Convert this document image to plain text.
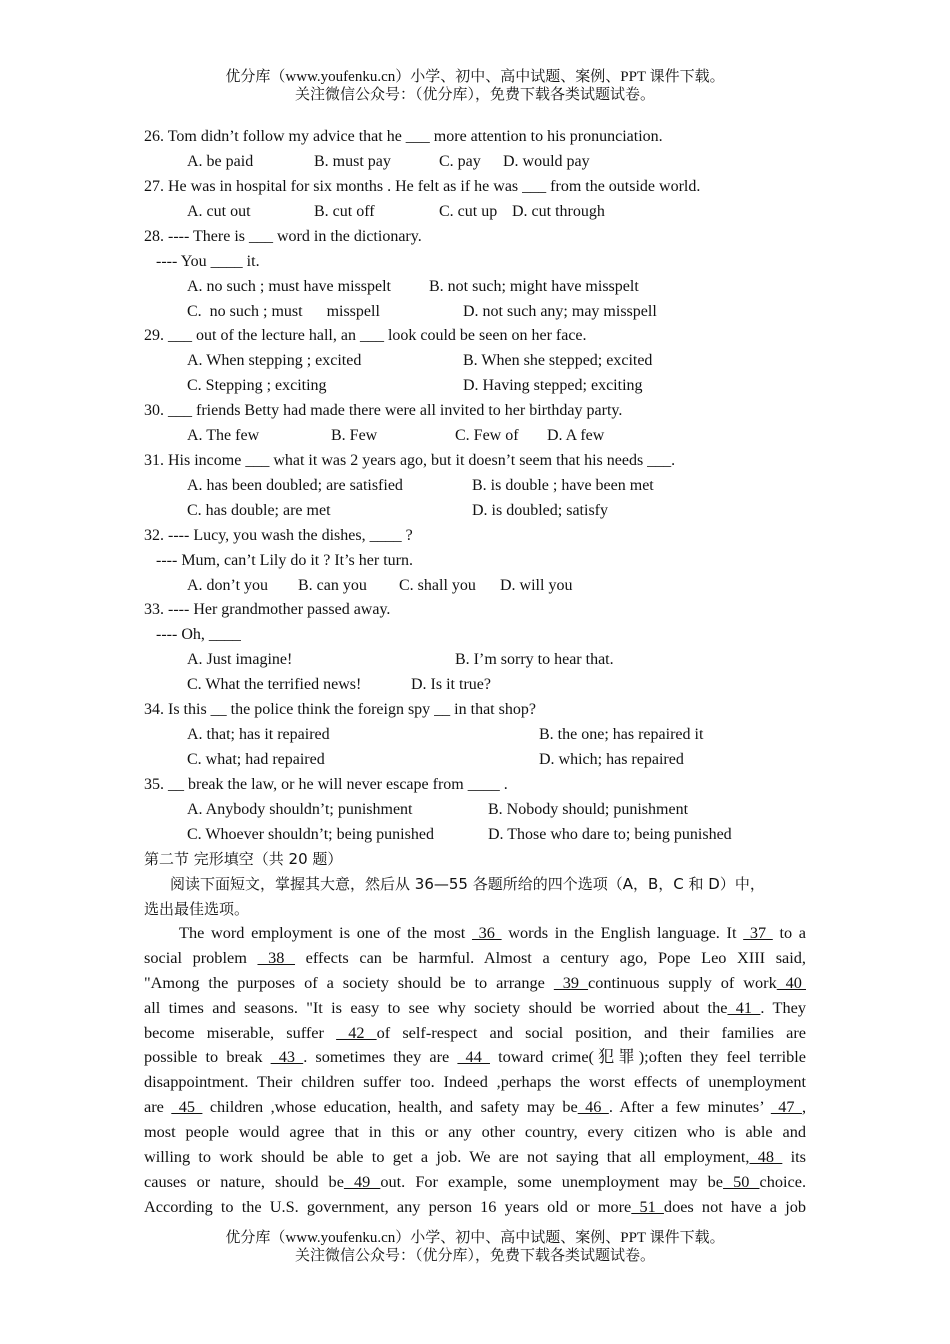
优分库（www.youfenku.cn）小学、初中、高中试题、案例、PPT 课件下载。
关注微信公众号：（优分库），免费下载各类试题试卷。
26. Tom didn’t follow my advice that he ___ more attention to his pronunciation.
A. be paid	B. must pay	C. pay D. would pay
27. He was in hospital for six months . He felt as if he was ___ from the outside world.
A. cut out	B. cut off	C. cut up D. cut through
28. ---- There is ___ word in the dictionary.
---- You ____ it.
A. no such ; must have misspelt B. not such; might have misspelt
C.  no such ; must      misspell	D. not such any; may misspell
29. ___ out of the lecture hall, an ___ look could be seen on her face.
A. When stepping ; excited	B. When she stepped; excited
C. Stepping ; exciting	D. Having stepped; exciting
30. ___ friends Betty had made there were all invited to her birthday party.
A. The few	B. Few	C. Few of D. A few
31. His income ___ what it was 2 years ago, but it doesn’t seem that his needs ___.
A. has been doubled; are satisfied	B. is double ; have been met
C. has double; are met	D. is doubled; satisfy
32. ---- Lucy, you wash the dishes, ____ ?
---- Mum, can’t Lily do it ? It’s her turn.
A. don’t you B. can you C. shall you D. will you
33. ---- Her grandmother passed away.
---- Oh, ____
A. Just imagine!	B. I’m sorry to hear that.
C. What the terrified news!	D. Is it true?
34. Is this __ the police think the foreign spy __ in that shop?
A. that; has it repaired	B. the one; has repaired it
C. what; had repaired	D. which; has repaired
35. __ break the law, or he will never escape from ____ .
A. Anybody shouldn’t; punishment	B. Nobody should; punishment
C. Whoever shouldn’t; being punished	D. Those who dare to; being punished
第二节 完形填空（共 20 题）
阅读下面短文，掌握其大意，然后从 36—55 各题所给的四个选项（A，B，C 和 D）中，
选出最佳选项。
The word employment is one of the most  36  words in the English language. It  37  to a
social problem  38  effects can be harmful. Almost a century ago, Pope Leo XIII said,
"Among the purposes of a society should be to arrange  39 continuous supply of work 40
all times and seasons. "It is easy to see why society should be worried about the 41 . They
become miserable, suffer  42 of self-respect and social position, and their families are
possible to break  43 . sometimes they are  44  toward crime(犯罪);often they feel terrible
disappointment. Their children suffer too. Indeed ,perhaps the worst effects of unemployment
are  45  children ,whose education, health, and safety may be 46 . After a few minutes’  47 ,
most people would agree that in this or any other country, every citizen who is able and
willing to work should be able to get a job. We are not saying that all employment, 48  its
causes or nature, should be 49 out. For example, some unemployment may be 50 choice.
According to the U.S. government, any person 16 years old or more 51 does not have a job
优分库（www.youfenku.cn）小学、初中、高中试题、案例、PPT 课件下载。
关注微信公众号：（优分库），免费下载各类试题试卷。
